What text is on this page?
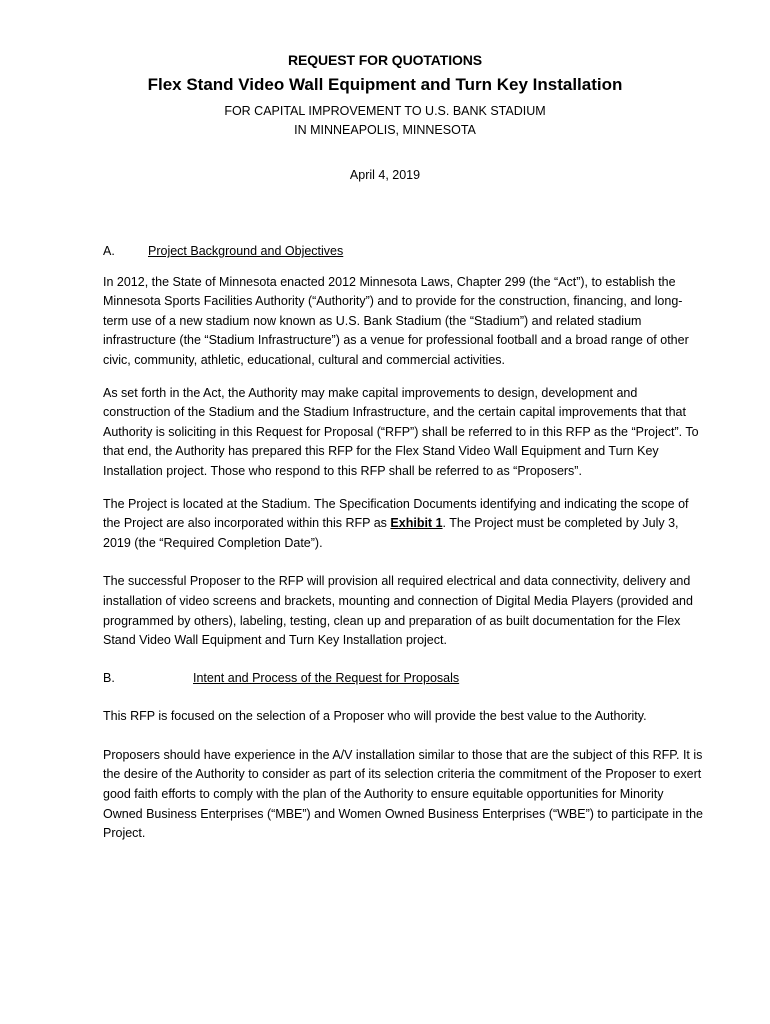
REQUEST FOR QUOTATIONS
Flex Stand Video Wall Equipment and Turn Key Installation
FOR CAPITAL IMPROVEMENT TO U.S. BANK STADIUM
IN MINNEAPOLIS, MINNESOTA
April 4, 2019
A.	Project Background and Objectives

In 2012, the State of Minnesota enacted 2012 Minnesota Laws, Chapter 299 (the “Act”), to establish the Minnesota Sports Facilities Authority (“Authority”) and to provide for the construction, financing, and long-term use of a new stadium now known as U.S. Bank Stadium (the “Stadium”) and related stadium infrastructure (the “Stadium Infrastructure”) as a venue for professional football and a broad range of other civic, community, athletic, educational, cultural and commercial activities.

As set forth in the Act, the Authority may make capital improvements to design, development and construction of the Stadium and the Stadium Infrastructure, and the certain capital improvements that that Authority is soliciting in this Request for Proposal (“RFP”) shall be referred to in this RFP as the “Project”. To that end, the Authority has prepared this RFP for the Flex Stand Video Wall Equipment and Turn Key Installation project. Those who respond to this RFP shall be referred to as “Proposers”.

The Project is located at the Stadium. The Specification Documents identifying and indicating the scope of the Project are also incorporated within this RFP as Exhibit 1. The Project must be completed by July 3, 2019 (the “Required Completion Date”).

The successful Proposer to the RFP will provision all required electrical and data connectivity, delivery and installation of video screens and brackets, mounting and connection of Digital Media Players (provided and programmed by others), labeling, testing, clean up and preparation of as built documentation for the Flex Stand Video Wall Equipment and Turn Key Installation project.

B.	Intent and Process of the Request for Proposals

This RFP is focused on the selection of a Proposer who will provide the best value to the Authority.

Proposers should have experience in the A/V installation similar to those that are the subject of this RFP. It is the desire of the Authority to consider as part of its selection criteria the commitment of the Proposer to exert good faith efforts to comply with the plan of the Authority to ensure equitable opportunities for Minority Owned Business Enterprises (“MBE”) and Women Owned Business Enterprises (“WBE”) to participate in the Project.
